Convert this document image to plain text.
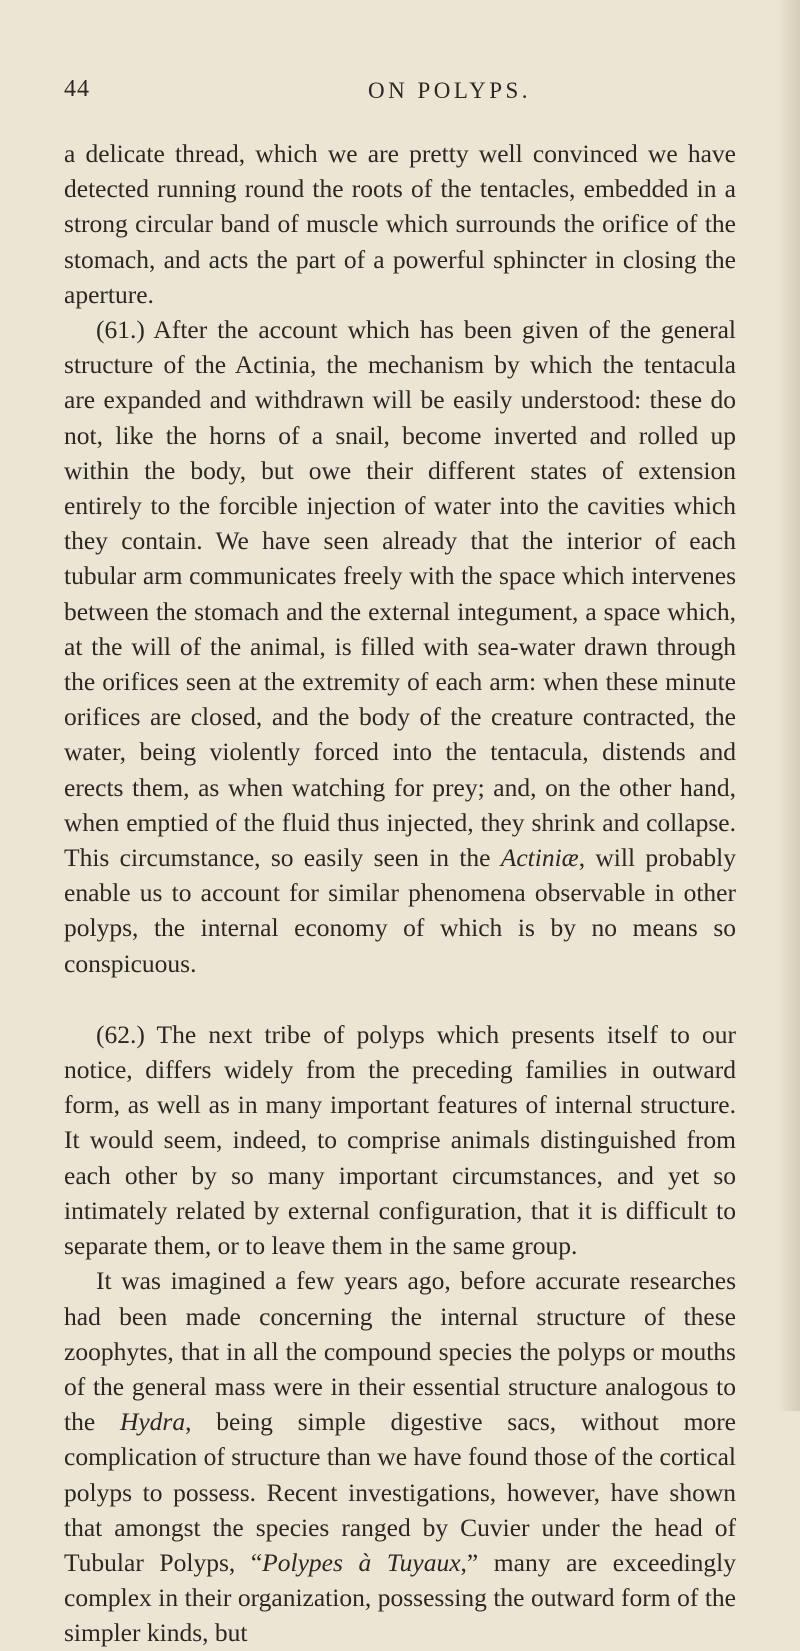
44	ON POLYPS.

a delicate thread, which we are pretty well convinced we have detected running round the roots of the tentacles, embedded in a strong circular band of muscle which surrounds the orifice of the stomach, and acts the part of a powerful sphincter in closing the aperture.

(61.) After the account which has been given of the general structure of the Actinia, the mechanism by which the tentacula are expanded and withdrawn will be easily understood: these do not, like the horns of a snail, become inverted and rolled up within the body, but owe their different states of extension entirely to the forcible injection of water into the cavities which they contain. We have seen already that the interior of each tubular arm communicates freely with the space which intervenes between the stomach and the external integument, a space which, at the will of the animal, is filled with sea-water drawn through the orifices seen at the extremity of each arm: when these minute orifices are closed, and the body of the creature contracted, the water, being violently forced into the tentacula, distends and erects them, as when watching for prey; and, on the other hand, when emptied of the fluid thus injected, they shrink and collapse. This circumstance, so easily seen in the Actiniæ, will probably enable us to account for similar phenomena observable in other polyps, the internal economy of which is by no means so conspicuous.

(62.) The next tribe of polyps which presents itself to our notice, differs widely from the preceding families in outward form, as well as in many important features of internal structure. It would seem, indeed, to comprise animals distinguished from each other by so many important circumstances, and yet so intimately related by external configuration, that it is difficult to separate them, or to leave them in the same group.

It was imagined a few years ago, before accurate researches had been made concerning the internal structure of these zoophytes, that in all the compound species the polyps or mouths of the general mass were in their essential structure analogous to the Hydra, being simple digestive sacs, without more complication of structure than we have found those of the cortical polyps to possess. Recent investigations, however, have shown that amongst the species ranged by Cuvier under the head of Tubular Polyps, “Polypes à Tuyaux,” many are exceedingly complex in their organization, possessing the outward form of the simpler kinds, but
